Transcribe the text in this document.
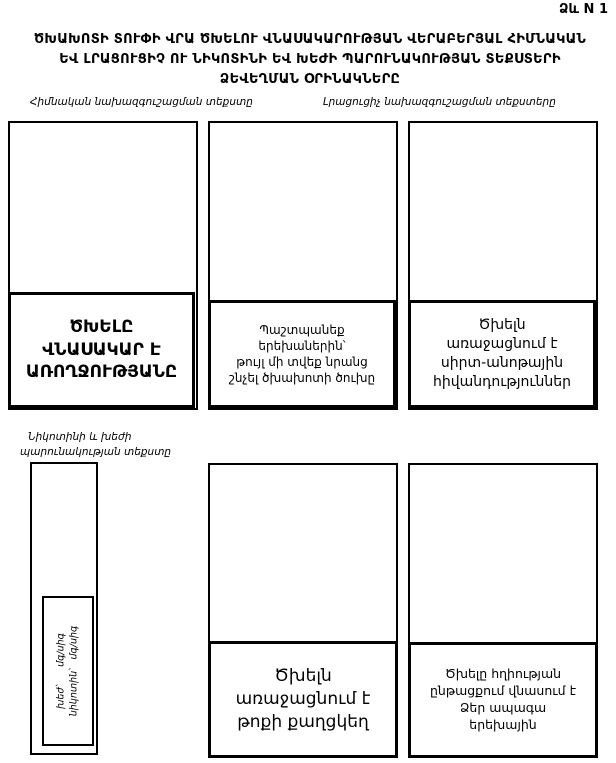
Ձև N 1
ԾԽԱԽՈՏԻ ՏՈՒՓԻ ՎՐԱ ԾԽԵԼՈՒ ՎՆԱՍԱԿԱՐՈՒԹՅԱՆ ՎԵՐԱԲԵՐՅԱԼ ՀԻՄՆԱԿԱՆ
ԵՎ ԼՐԱՑՈՒՑԻՉ ՈՒ ՆԻԿՈՏԻՆԻ ԵՎ ԽԵԺԻ ՊԱՐՈՒՆԱԿՈՒԹՅԱՆ ՏԵՔՍՏԵՐԻ
ՁԵՎԵՂՄԱՆ ՕՐԻՆԱԿՆԵՐԸ
Հիմնական նախազգուշացման տեքստը	Լրացուցիչ նախազգուշացման տեքստերը
ԾԽԵԼԸ
ՎՆԱՍԱԿԱՐ Է
ԱՌՈՂՋՈՒԹՅԱՆԸ
Պաշտպանեք
երեխաներին՝
թույլ մի տվեք նրանց
շնչել ծխախոտի ծուխը
Ծխելն
առաջացնում է
սիրտ-անոթային
հիվանդություններ
Նիկոտինի և խեժի
պարունակության տեքստը
խեժ՝      մգ/սիգ
նիկոտին՝   մգ/սիգ
Ծխելն
առաջացնում է
թոքի քաղցկեղ
Ծխելը հղիության
ընթացքում վնասում է
Ձեր ապագա
երեխային
